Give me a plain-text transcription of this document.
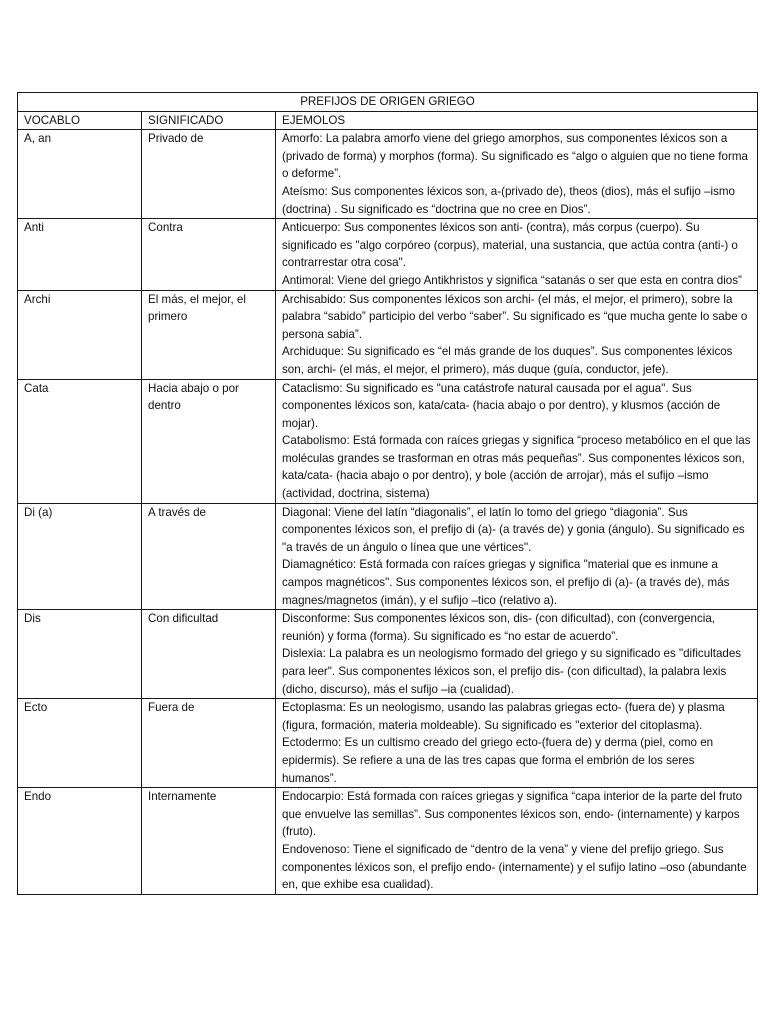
PREFIJOS DE ORIGEN GRIEGO		
VOCABLO	SIGNIFICADO	EJEMOLOS
A, an	Privado de	Amorfo: La palabra amorfo viene del griego amorphos, sus componentes léxicos son a (privado de forma) y morphos (forma). Su significado es “algo o alguien que no tiene forma o deforme”.
Ateísmo: Sus componentes léxicos son, a-(privado de), theos (dios), más el sufijo –ismo (doctrina) . Su significado es “doctrina que no cree en Dios”.

Anti	Contra	Anticuerpo: Sus componentes léxicos son anti- (contra), más corpus (cuerpo). Su significado es "algo corpóreo (corpus), material, una sustancia, que actúa contra (anti-) o contrarrestar otra cosa".
Antimoral: Viene del griego Antikhristos y significa “satanás o ser que esta en contra dios”

Archi	El más, el mejor, el primero	Archisabido: Sus componentes léxicos son archi- (el más, el mejor, el primero), sobre la palabra “sabido” participio del verbo “saber”. Su significado es “que mucha gente lo sabe o persona sabia”.
Archiduque: Su significado es “el más grande de los duques”. Sus componentes léxicos son, archi- (el más, el mejor, el primero), más duque (guía, conductor, jefe).

Cata	Hacia abajo o por dentro	Cataclismo: Su significado es "una catástrofe natural causada por el agua". Sus componentes léxicos son, kata/cata- (hacia abajo o por dentro), y klusmos (acción de mojar).
Catabolismo: Está formada con raíces griegas y significa “proceso metabólico en el que las moléculas grandes se trasforman en otras más pequeñas”. Sus componentes léxicos son, kata/cata- (hacia abajo o por dentro), y bole (acción de arrojar), más el sufijo –ismo (actividad, doctrina, sistema)

Di (a)	A través de	Diagonal: Viene del latín “diagonalis”, el latín lo tomo del griego “diagonia”. Sus componentes léxicos son, el prefijo di (a)- (a través de) y gonia (ángulo). Su significado es "a través de un ángulo o línea que une vértices".
Diamagnético: Está formada con raíces griegas y significa "material que es inmune a campos magnéticos". Sus componentes léxicos son, el prefijo di (a)- (a través de), más magnes/magnetos (imán), y el sufijo –tico (relativo a).

Dis	Con dificultad	Disconforme: Sus componentes léxicos son, dis- (con dificultad), con (convergencia, reunión) y forma (forma). Su significado es “no estar de acuerdo”.
Dislexia: La palabra es un neologismo formado del griego y su significado es "dificultades para leer". Sus componentes léxicos son, el prefijo dis- (con dificultad), la palabra lexis (dicho, discurso), más el sufijo –ia (cualidad).

Ecto	Fuera de	Ectoplasma: Es un neologismo, usando las palabras griegas ecto- (fuera de) y plasma (figura, formación, materia moldeable). Su significado es "exterior del citoplasma).
Ectodermo: Es un cultismo creado del griego ecto-(fuera de) y derma (piel, como en epidermis). Se refiere a una de las tres capas que forma el embrión de los seres humanos”.

Endo	Internamente	Endocarpio: Está formada con raíces griegas y significa “capa interior de la parte del fruto que envuelve las semillas”. Sus componentes léxicos son, endo- (internamente) y karpos (fruto).
Endovenoso: Tiene el significado de “dentro de la vena” y viene del prefijo griego. Sus componentes léxicos son, el prefijo endo- (internamente) y el sufijo latino –oso (abundante en, que exhibe esa cualidad).
